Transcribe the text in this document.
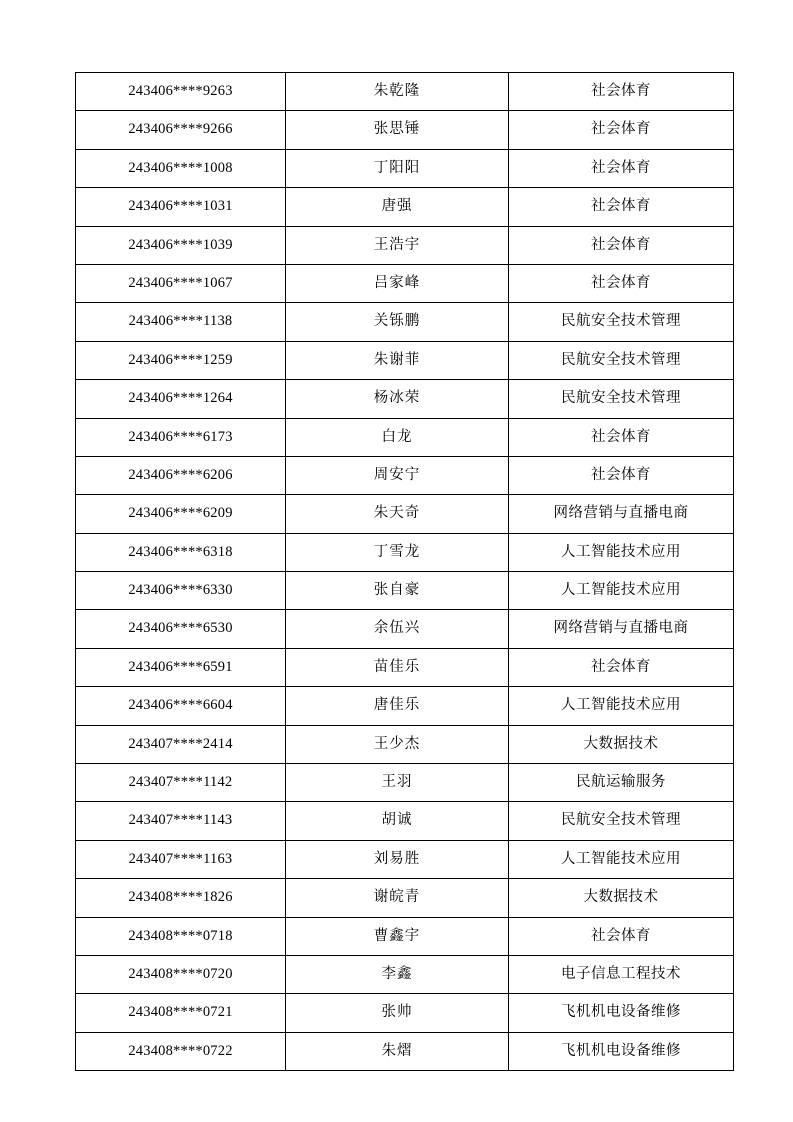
243406****9263	朱乾隆	社会体育
243406****9266	张思锤	社会体育
243406****1008	丁阳阳	社会体育
243406****1031	唐强	社会体育
243406****1039	王浩宇	社会体育
243406****1067	吕家峰	社会体育
243406****1138	关铄鹏	民航安全技术管理
243406****1259	朱谢菲	民航安全技术管理
243406****1264	杨冰荣	民航安全技术管理
243406****6173	白龙	社会体育
243406****6206	周安宁	社会体育
243406****6209	朱天奇	网络营销与直播电商
243406****6318	丁雪龙	人工智能技术应用
243406****6330	张自豪	人工智能技术应用
243406****6530	余伍兴	网络营销与直播电商
243406****6591	苗佳乐	社会体育
243406****6604	唐佳乐	人工智能技术应用
243407****2414	王少杰	大数据技术
243407****1142	王羽	民航运输服务
243407****1143	胡诚	民航安全技术管理
243407****1163	刘易胜	人工智能技术应用
243408****1826	谢皖青	大数据技术
243408****0718	曹鑫宇	社会体育
243408****0720	李鑫	电子信息工程技术
243408****0721	张帅	飞机机电设备维修
243408****0722	朱熠	飞机机电设备维修
